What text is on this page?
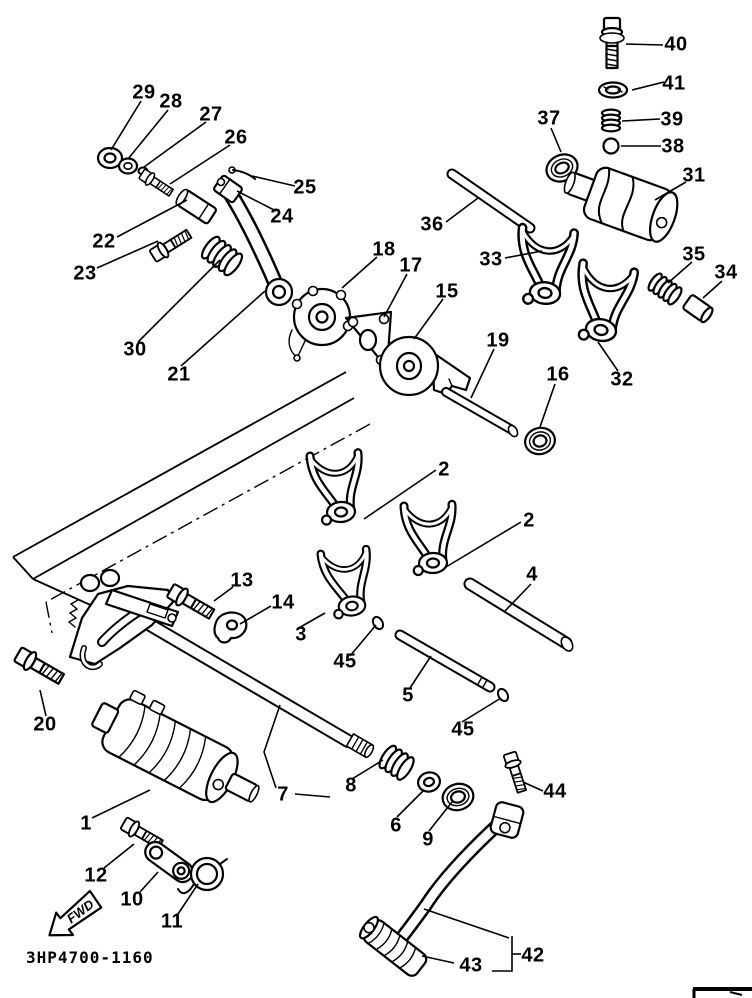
FWD
1
2
2
3
4
5
6
7	8
9
10
11
12
13
14
15
16
17
18
19
20
21
22
23
24
25
26
27
28
29
30
31
32
33
34
35
36
37
38
39
40
41
42
43
44
45
45
3HP4700-1160
